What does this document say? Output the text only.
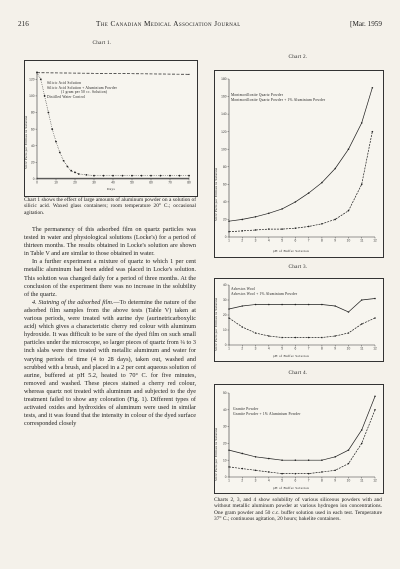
216	The Canadian Medical Association Journal	[Mar. 1959
Chart 1.
120
100
80
60
40
20
0
0	10	20	30	40	50	60	70	80
Silicic Acid Solution
Silicic Acid Solution + Aluminium Powder
(1 gram per 50 cc. Solution)
Distilled Water Control
SiO2 Parts per Million in Solution
Days
Chart 1 shows the effect of large amounts of aluminum powder on a solution of silicic acid. Waxed glass containers; room temperature 20° C.; occasional agitation.

The permanency of this adsorbed film on quartz particles was tested in water and physiological solutions (Locke's) for a period of thirteen months. The results obtained in Locke's solution are shown in Table V and are similar to those obtained in water.

In a further experiment a mixture of quartz to which 1 per cent metallic aluminum had been added was placed in Locke's solution. This solution was changed daily for a period of three months. At the conclusion of the experiment there was no increase in the solubility of the quartz.

4. Staining of the adsorbed film.—To determine the nature of the adsorbed film samples from the above tests (Table V) taken at various periods, were treated with aurine dye (aurinetricarboxylic acid) which gives a characteristic cherry red colour with aluminum hydroxide. It was difficult to be sure of the dyed film on such small particles under the microscope, so larger pieces of quartz from ¼ to 3 inch slabs were then treated with metallic aluminum and water for varying periods of time (4 to 28 days), taken out, washed and scrubbed with a brush, and placed in a 2 per cent aqueous solution of aurine, buffered at pH 5.2, heated to 70° C. for five minutes, removed and washed. These pieces stained a cherry red colour, whereas quartz not treated with aluminum and subjected to the dye treatment failed to show any coloration (Fig. 1). Different types of activated oxides and hydroxides of aluminum were used in similar tests, and it was found that the intensity in colour of the dyed surface corresponded closely

Chart 2.
180
160
140
120
100
80
60
40
20
0
1	2	3	4	5	6	7	8	9	10	11	12
Montmorillonite Quartz Powder
Montmorillonite Quartz Powder + 1% Aluminium Powder
SiO2 Parts per Million in Solution
pH of Buffer Solution
Chart 3.
40
30
20
10
0
1	2	3	4	5	6	7	8	9	10	11	12
Asbestos Wool
Asbestos Wool + 1% Aluminium Powder
SiO2 Parts per Million in Solution
pH of Buffer Solution
Chart 4.
50
40
30
20
10
0
1	2	3	4	5	6	7	8	9	10	11	12
Granite Powder
Granite Powder + 1% Aluminium Powder
SiO2 Parts per Million in Solution
pH of Buffer Solution
Charts 2, 3, and 4 show solubility of various siliceous powders with and without metallic aluminum powder at various hydrogen ion concentrations. One gram powder and 50 c.c. buffer solution used in each test. Temperature 37° C.; continuous agitation, 20 hours; bakelite containers.
